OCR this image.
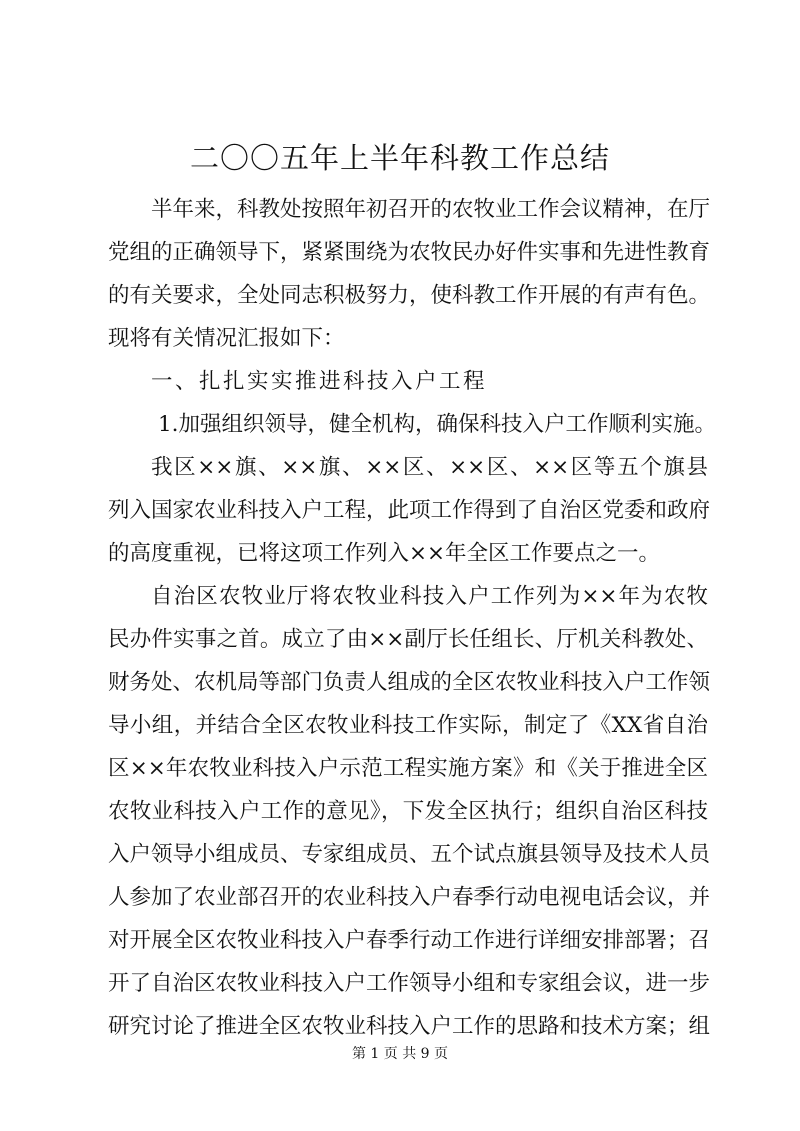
二〇〇五年上半年科教工作总结
半年来，科教处按照年初召开的农牧业工作会议精神，在厅
党组的正确领导下，紧紧围绕为农牧民办好件实事和先进性教育
的有关要求，全处同志积极努力，使科教工作开展的有声有色。
现将有关情况汇报如下：
一、扎扎实实推进科技入户工程
1.加强组织领导，健全机构，确保科技入户工作顺利实施。
我区××旗、××旗、××区、××区、××区等五个旗县
列入国家农业科技入户工程，此项工作得到了自治区党委和政府
的高度重视，已将这项工作列入××年全区工作要点之一。
自治区农牧业厅将农牧业科技入户工作列为××年为农牧
民办件实事之首。成立了由××副厅长任组长、厅机关科教处、
财务处、农机局等部门负责人组成的全区农牧业科技入户工作领
导小组，并结合全区农牧业科技工作实际，制定了《XX省自治
区××年农牧业科技入户示范工程实施方案》和《关于推进全区
农牧业科技入户工作的意见》，下发全区执行；组织自治区科技
入户领导小组成员、专家组成员、五个试点旗县领导及技术人员
人参加了农业部召开的农业科技入户春季行动电视电话会议，并
对开展全区农牧业科技入户春季行动工作进行详细安排部署；召
开了自治区农牧业科技入户工作领导小组和专家组会议，进一步
研究讨论了推进全区农牧业科技入户工作的思路和技术方案；组
第 1 页 共 9 页
